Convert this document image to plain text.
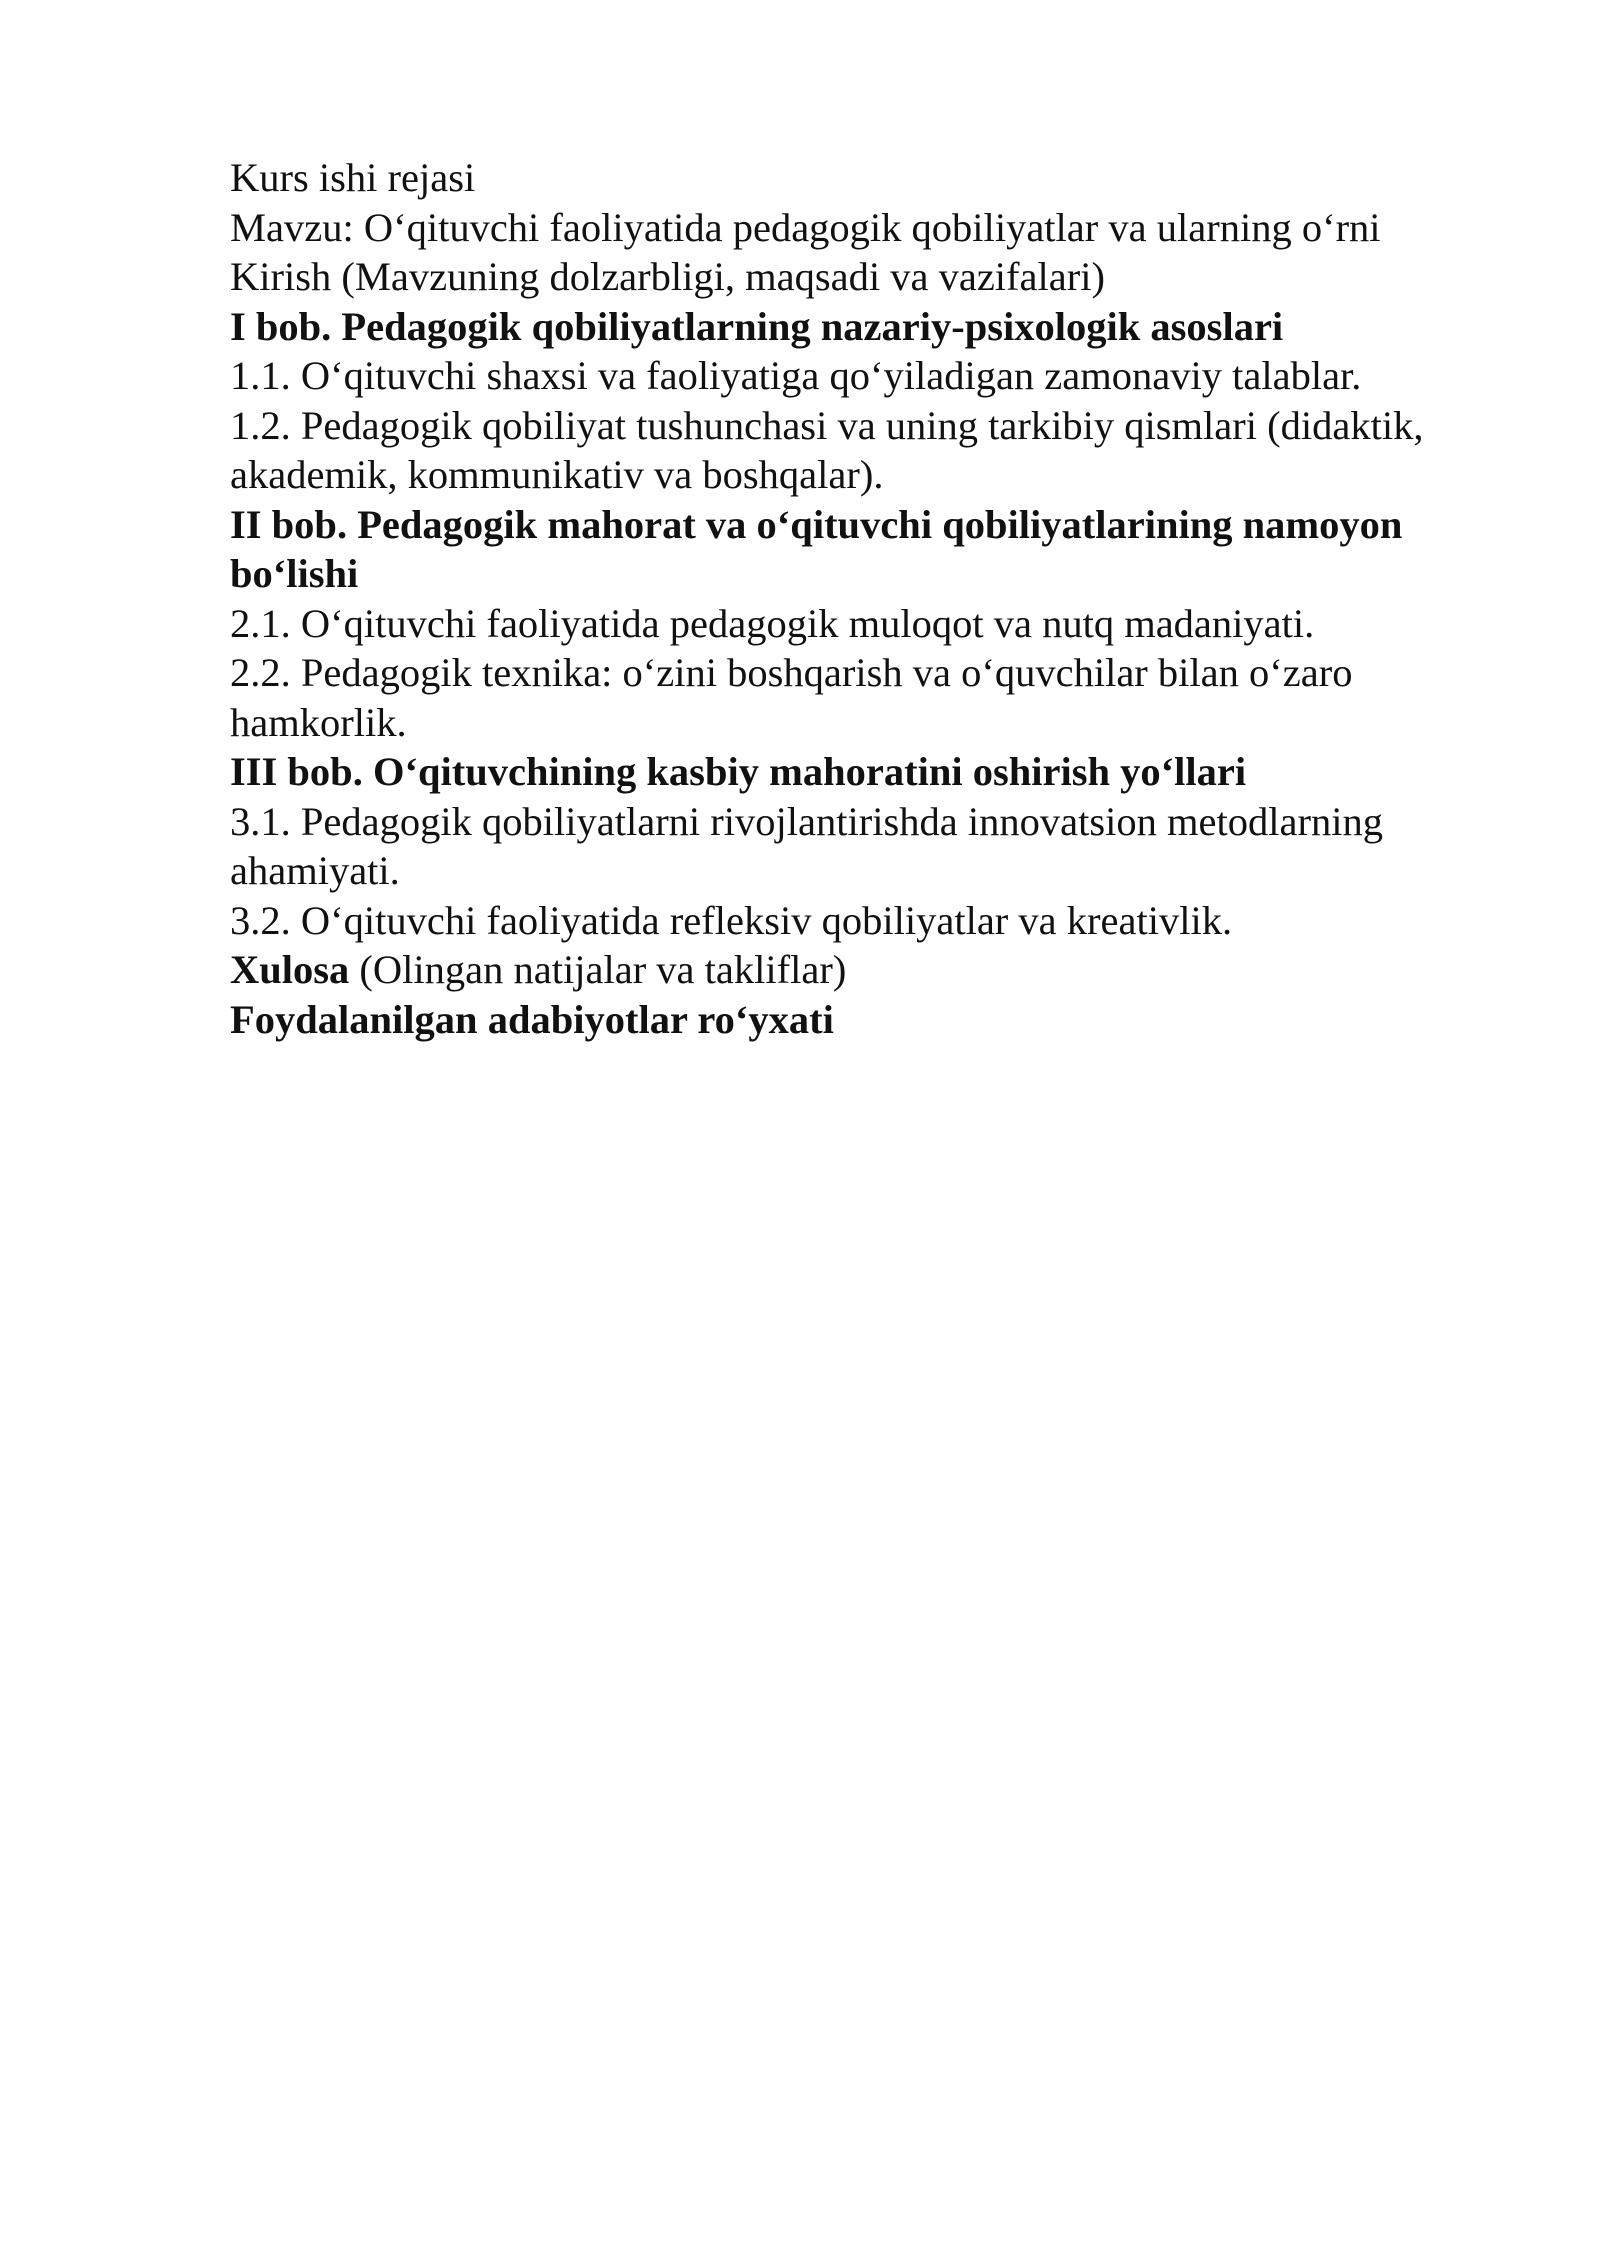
Kurs ishi rejasi

Mavzu: O‘qituvchi faoliyatida pedagogik qobiliyatlar va ularning o‘rni

Kirish (Mavzuning dolzarbligi, maqsadi va vazifalari)

I bob. Pedagogik qobiliyatlarning nazariy-psixologik asoslari

1.1. O‘qituvchi shaxsi va faoliyatiga qo‘yiladigan zamonaviy talablar.

1.2. Pedagogik qobiliyat tushunchasi va uning tarkibiy qismlari (didaktik, akademik, kommunikativ va boshqalar).

II bob. Pedagogik mahorat va o‘qituvchi qobiliyatlarining namoyon bo‘lishi

2.1. O‘qituvchi faoliyatida pedagogik muloqot va nutq madaniyati.

2.2. Pedagogik texnika: o‘zini boshqarish va o‘quvchilar bilan o‘zaro hamkorlik.

III bob. O‘qituvchining kasbiy mahoratini oshirish yo‘llari

3.1. Pedagogik qobiliyatlarni rivojlantirishda innovatsion metodlarning ahamiyati.

3.2. O‘qituvchi faoliyatida refleksiv qobiliyatlar va kreativlik.

Xulosa (Olingan natijalar va takliflar)

Foydalanilgan adabiyotlar ro‘yxati
